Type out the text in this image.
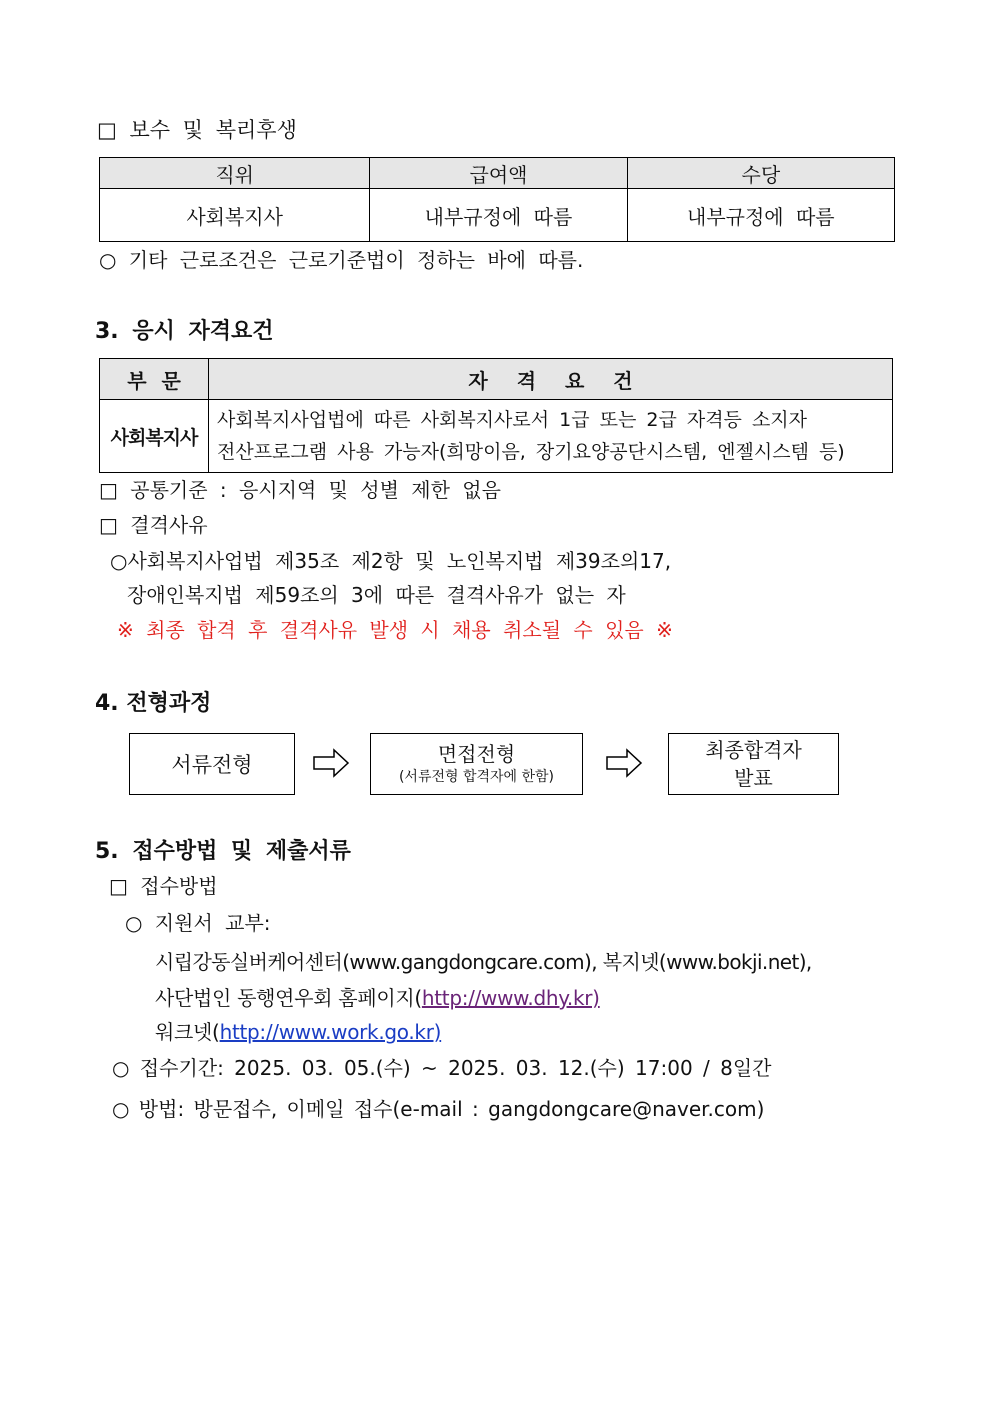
□ 보수 및 복리후생
직위	급여액	수당
사회복지사	내부규정에 따름	내부규정에 따름
○ 기타 근로조건은 근로기준법이 정하는 바에 따름.
3. 응시 자격요건
부 문	자 격 요 건
사회복지사	사회복지사업법에 따른 사회복지사로서 1급 또는 2급 자격등 소지자
전산프로그램 사용 가능자(희망이음, 장기요양공단시스템, 엔젤시스템 등)
□ 공통기준 : 응시지역 및 성별 제한 없음
□ 결격사유
○사회복지사업법 제35조 제2항 및 노인복지법 제39조의17,
장애인복지법 제59조의 3에 따른 결격사유가 없는 자
※ 최종 합격 후 결격사유 발생 시 채용 취소될 수 있음 ※
4. 전형과정
서류전형	면접전형
(서류전형 합격자에 한함)
최종합격자
발표
5. 접수방법 및 제출서류
□ 접수방법
○ 지원서 교부:
시립강동실버케어센터(www.gangdongcare.com), 복지넷(www.bokji.net),
사단법인 동행연우회 홈페이지(http://www.dhy.kr)
워크넷(http://www.work.go.kr)
○ 접수기간: 2025. 03. 05.(수) ~ 2025. 03. 12.(수) 17:00 / 8일간
○ 방법: 방문접수, 이메일 접수(e-mail : gangdongcare@naver.com)
